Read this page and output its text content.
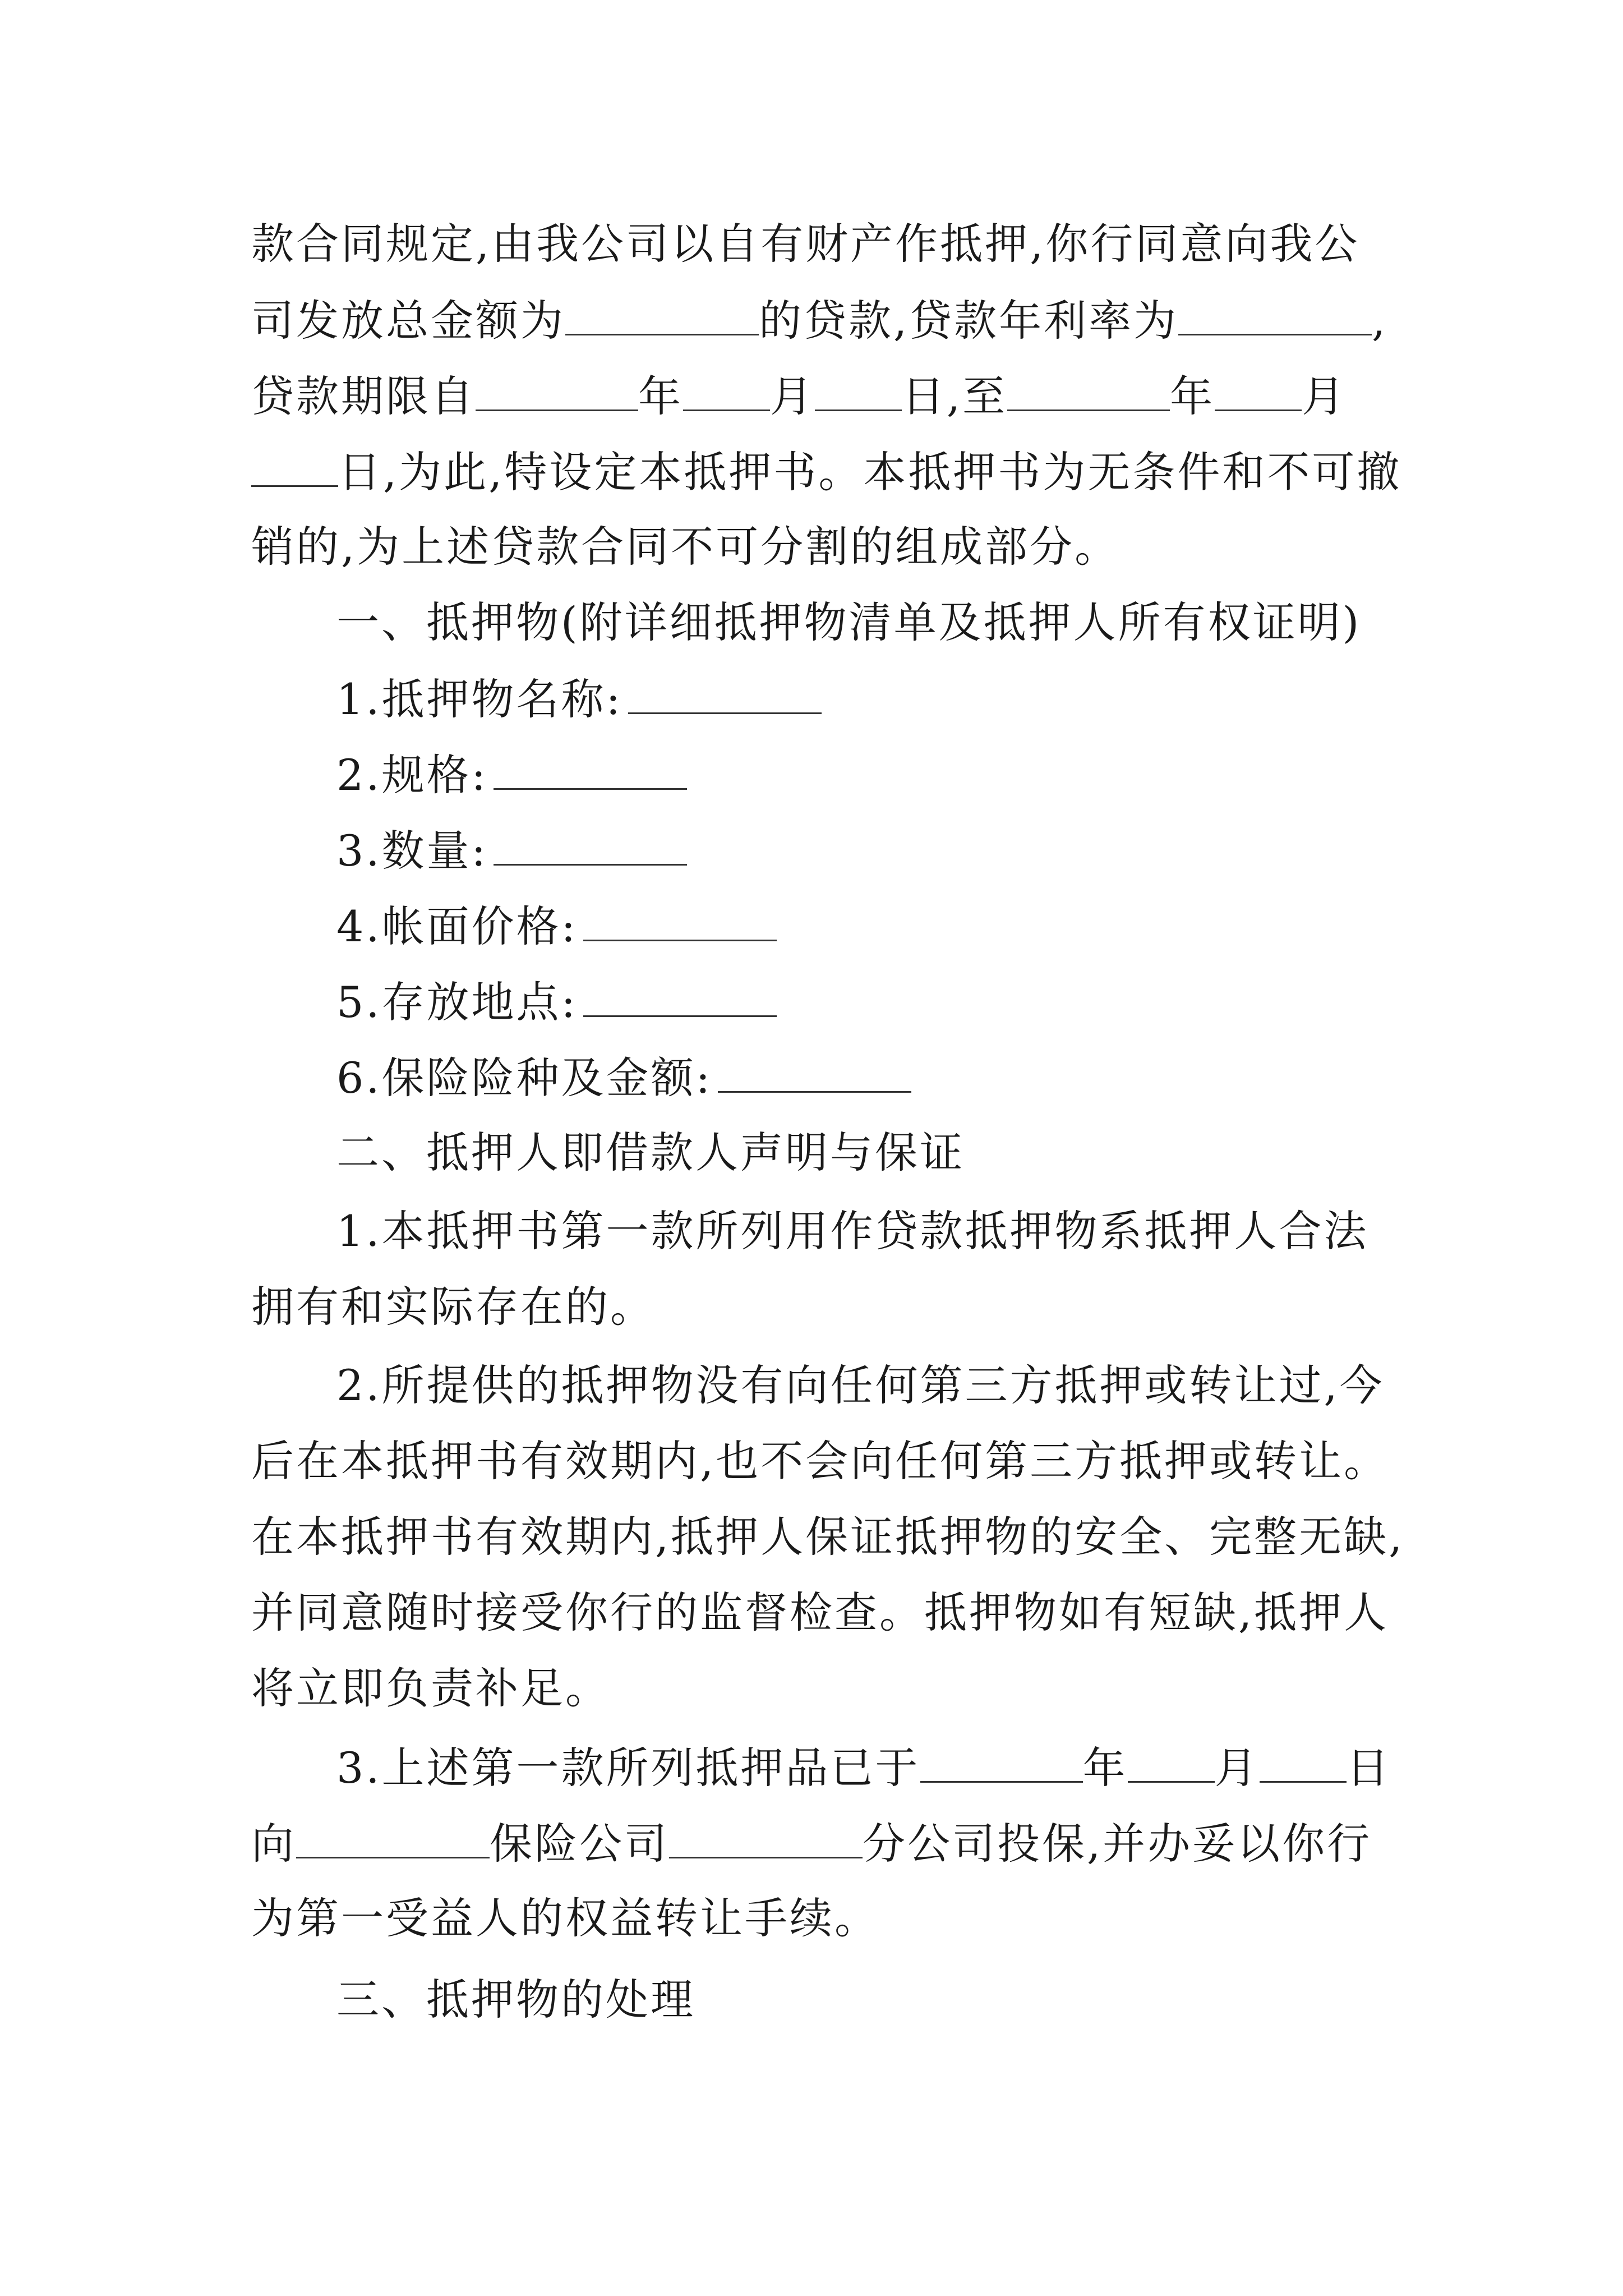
款合同规定,由我公司以自有财产作抵押,你行同意向我公
司发放总金额为	的贷款,贷款年利率为	,
贷款期限自	年 月 日,至	年 月
日,为此,特设定本抵押书。本抵押书为无条件和不可撤
销的,为上述贷款合同不可分割的组成部分。
一、抵押物(附详细抵押物清单及抵押人所有权证明)
1.抵押物名称:
2.规格:
3.数量:
4.帐面价格:
5.存放地点:
6.保险险种及金额:
二、抵押人即借款人声明与保证
1.本抵押书第一款所列用作贷款抵押物系抵押人合法
拥有和实际存在的。
2.所提供的抵押物没有向任何第三方抵押或转让过,今
后在本抵押书有效期内,也不会向任何第三方抵押或转让。
在本抵押书有效期内,抵押人保证抵押物的安全、完整无缺,
并同意随时接受你行的监督检查。抵押物如有短缺,抵押人
将立即负责补足。
3.上述第一款所列抵押品已于	年 月 日
向	保险公司	分公司投保,并办妥以你行
为第一受益人的权益转让手续。
三、抵押物的处理
